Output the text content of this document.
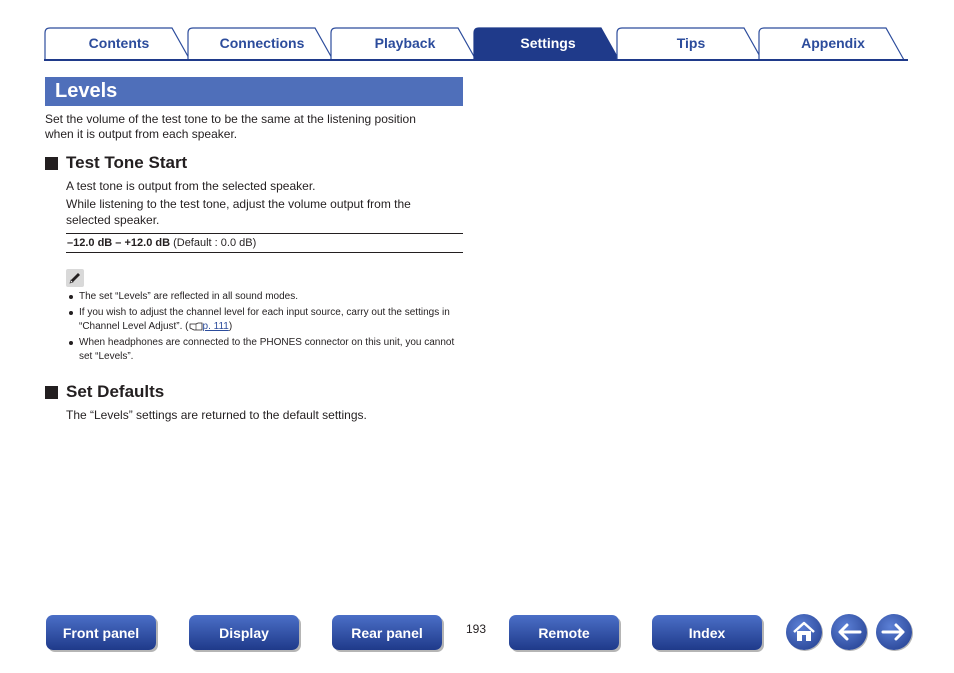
Contents	Connections	Playback	Settings	Tips	Appendix
Levels
Set the volume of the test tone to be the same at the listening position when it is output from each speaker.
Test Tone Start
A test tone is output from the selected speaker.
While listening to the test tone, adjust the volume output from the selected speaker.
–12.0 dB – +12.0 dB (Default : 0.0 dB)
The set “Levels” are reflected in all sound modes.
If you wish to adjust the channel level for each input source, carry out the settings in “Channel Level Adjust”. ( p. 111)
When headphones are connected to the PHONES connector on this unit, you cannot set “Levels”.
Set Defaults
The “Levels” settings are returned to the default settings.
Front panel	Display	Rear panel	193	Remote	Index
